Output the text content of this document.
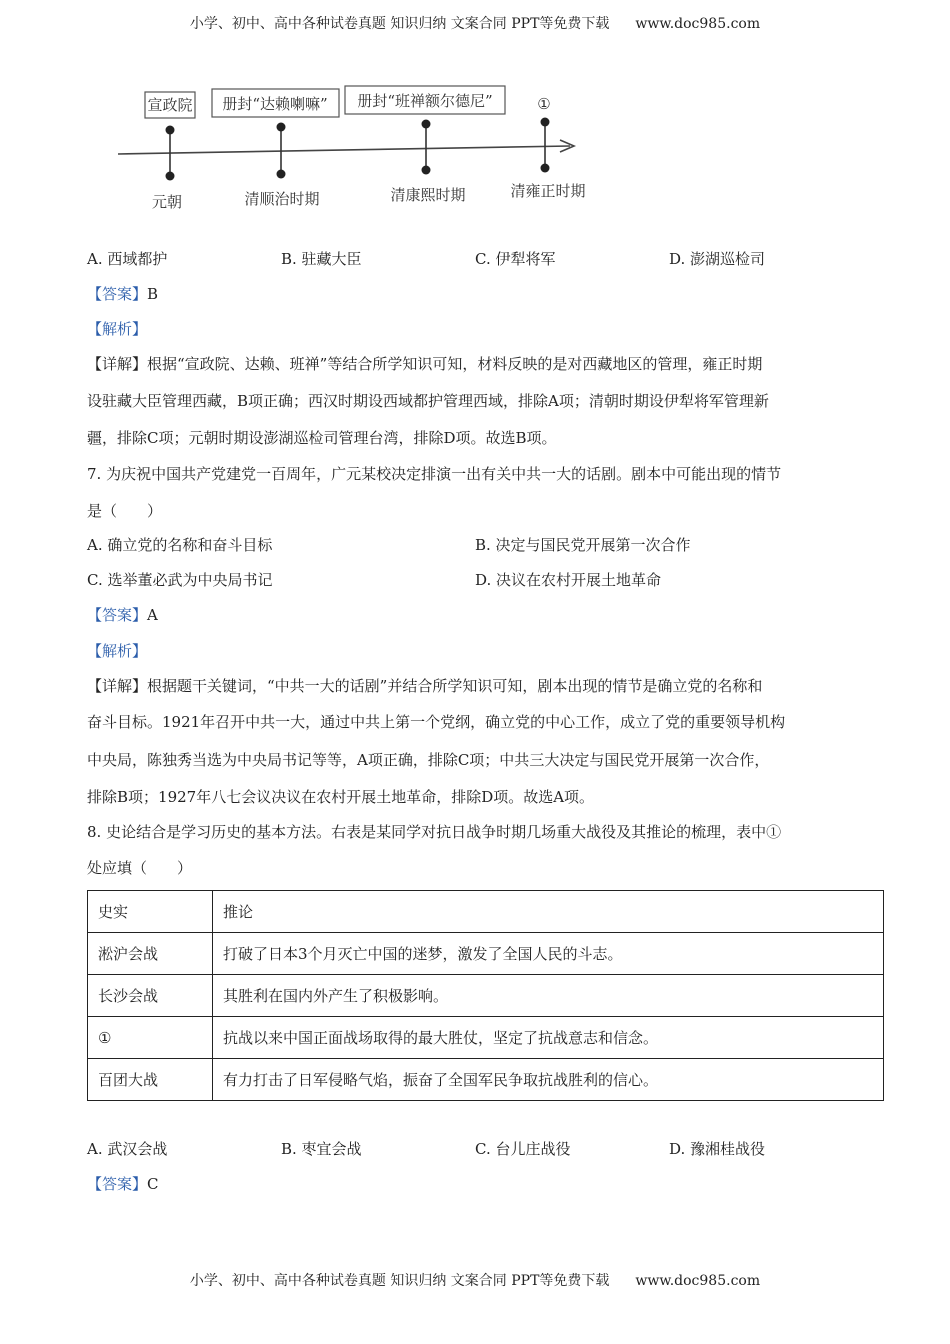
小学、初中、高中各种试卷真题 知识归纳 文案合同 PPT等免费下载 www.doc985.com
宣政院 册封“达赖喇嘛” 册封“班禅额尔德尼”	①
元朝	清顺治时期	清康熙时期	清雍正时期
A. 西域都护	B. 驻藏大臣	C. 伊犁将军	D. 澎湖巡检司
【答案】B
【解析】
【详解】根据“宣政院、达赖、班禅”等结合所学知识可知，材料反映的是对西藏地区的管理，雍正时期
设驻藏大臣管理西藏，B项正确；西汉时期设西域都护管理西域，排除A项；清朝时期设伊犁将军管理新
疆，排除C项；元朝时期设澎湖巡检司管理台湾，排除D项。故选B项。
7. 为庆祝中国共产党建党一百周年，广元某校决定排演一出有关中共一大的话剧。剧本中可能出现的情节
是（　　）
A. 确立党的名称和奋斗目标	B. 决定与国民党开展第一次合作
C. 选举董必武为中央局书记	D. 决议在农村开展土地革命
【答案】A
【解析】
【详解】根据题干关键词，“中共一大的话剧”并结合所学知识可知，剧本出现的情节是确立党的名称和
奋斗目标。1921年召开中共一大，通过中共上第一个党纲，确立党的中心工作，成立了党的重要领导机构
中央局，陈独秀当选为中央局书记等等，A项正确，排除C项；中共三大决定与国民党开展第一次合作，
排除B项；1927年八七会议决议在农村开展土地革命，排除D项。故选A项。
8. 史论结合是学习历史的基本方法。右表是某同学对抗日战争时期几场重大战役及其推论的梳理，表中①
处应填（　　）
史实	推论
淞沪会战	打破了日本3个月灭亡中国的迷梦，激发了全国人民的斗志。
长沙会战	其胜利在国内外产生了积极影响。
①	抗战以来中国正面战场取得的最大胜仗，坚定了抗战意志和信念。
百团大战	有力打击了日军侵略气焰，振奋了全国军民争取抗战胜利的信心。
A. 武汉会战	B. 枣宜会战	C. 台儿庄战役	D. 豫湘桂战役
【答案】C
小学、初中、高中各种试卷真题 知识归纳 文案合同 PPT等免费下载 www.doc985.com
